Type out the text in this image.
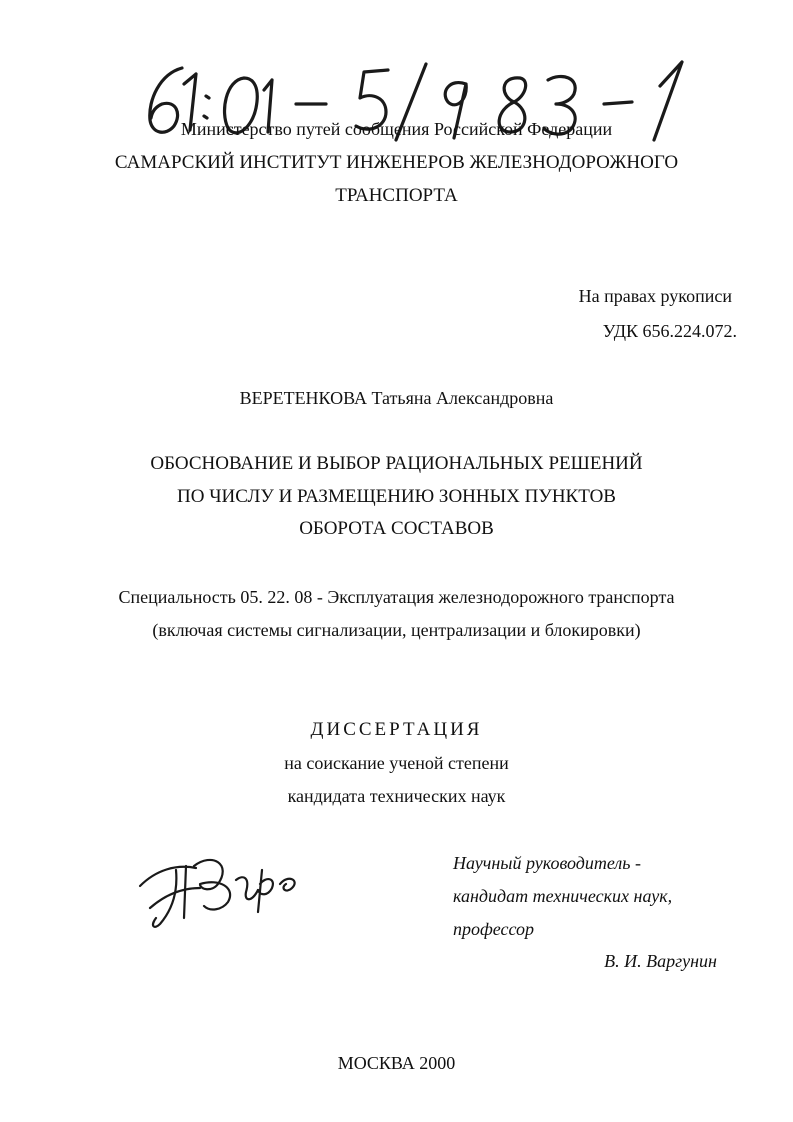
Министерство путей сообщения Российской Федерации
САМАРСКИЙ ИНСТИТУТ ИНЖЕНЕРОВ ЖЕЛЕЗНОДОРОЖНОГО
ТРАНСПОРТА
На правах рукописи
УДК 656.224.072.
ВЕРЕТЕНКОВА Татьяна Александровна
ОБОСНОВАНИЕ И ВЫБОР РАЦИОНАЛЬНЫХ РЕШЕНИЙ
ПО ЧИСЛУ И РАЗМЕЩЕНИЮ ЗОННЫХ ПУНКТОВ
ОБОРОТА СОСТАВОВ
Специальность 05. 22. 08 - Эксплуатация железнодорожного транспорта
(включая системы сигнализации, централизации и блокировки)
ДИССЕРТАЦИЯ
на соискание ученой степени
кандидата технических наук
Научный руководитель -
кандидат технических наук,
профессор
В. И. Варгунин
МОСКВА 2000
